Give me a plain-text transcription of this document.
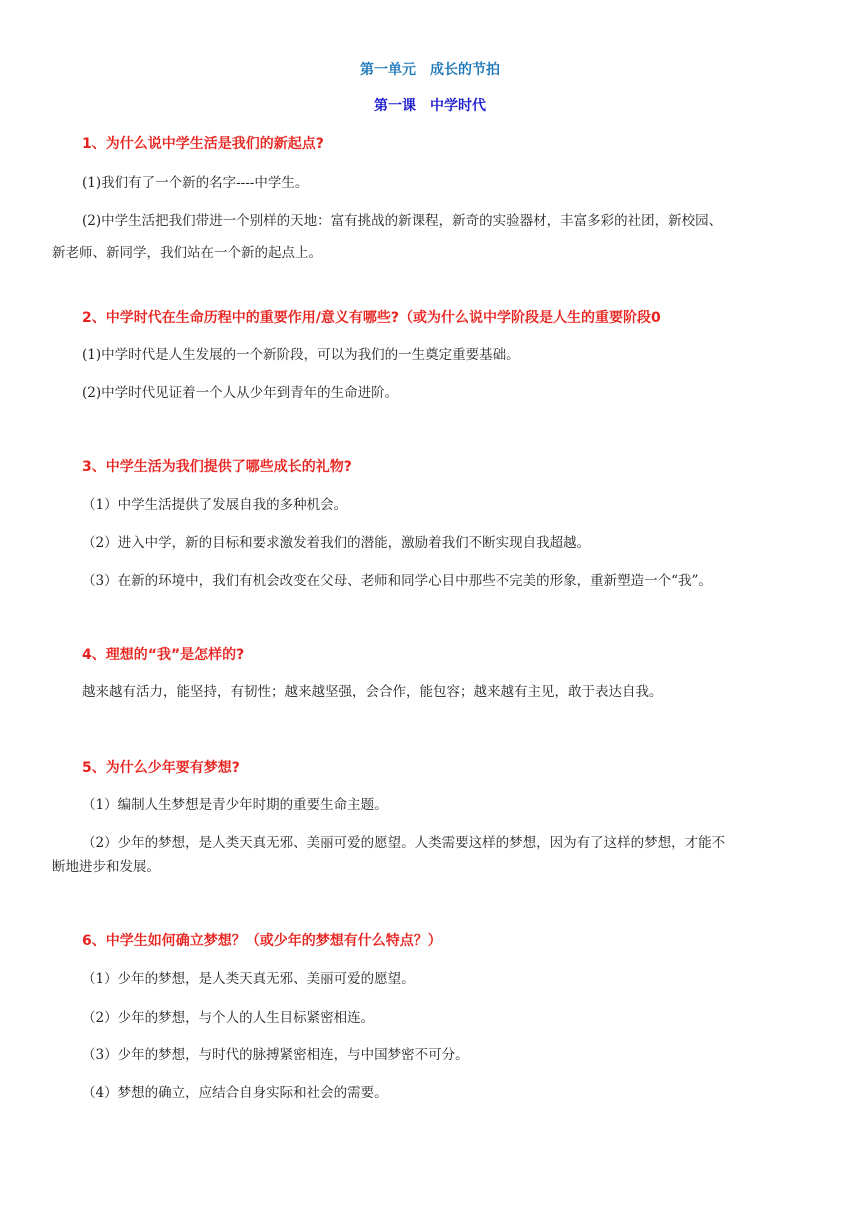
第一单元　成长的节拍
第一课　中学时代
1、为什么说中学生活是我们的新起点?
(1)我们有了一个新的名字----中学生。
(2)中学生活把我们带进一个别样的天地：富有挑战的新课程，新奇的实验器材，丰富多彩的社团，新校园、
新老师、新同学，我们站在一个新的起点上。
2、中学时代在生命历程中的重要作用/意义有哪些?（或为什么说中学阶段是人生的重要阶段0
(1)中学时代是人生发展的一个新阶段，可以为我们的一生奠定重要基础。
(2)中学时代见证着一个人从少年到青年的生命进阶。
3、中学生活为我们提供了哪些成长的礼物?
（1）中学生活提供了发展自我的多种机会。
（2）进入中学，新的目标和要求激发着我们的潜能，激励着我们不断实现自我超越。
（3）在新的环境中，我们有机会改变在父母、老师和同学心目中那些不完美的形象，重新塑造一个“我”。
4、理想的“我”是怎样的?
越来越有活力，能坚持，有韧性；越来越坚强，会合作，能包容；越来越有主见，敢于表达自我。
5、为什么少年要有梦想?
（1）编制人生梦想是青少年时期的重要生命主题。
（2）少年的梦想，是人类天真无邪、美丽可爱的愿望。人类需要这样的梦想，因为有了这样的梦想，才能不
断地进步和发展。
6、中学生如何确立梦想？（或少年的梦想有什么特点？）
（1）少年的梦想，是人类天真无邪、美丽可爱的愿望。
（2）少年的梦想，与个人的人生目标紧密相连。
（3）少年的梦想，与时代的脉搏紧密相连，与中国梦密不可分。
（4）梦想的确立，应结合自身实际和社会的需要。
